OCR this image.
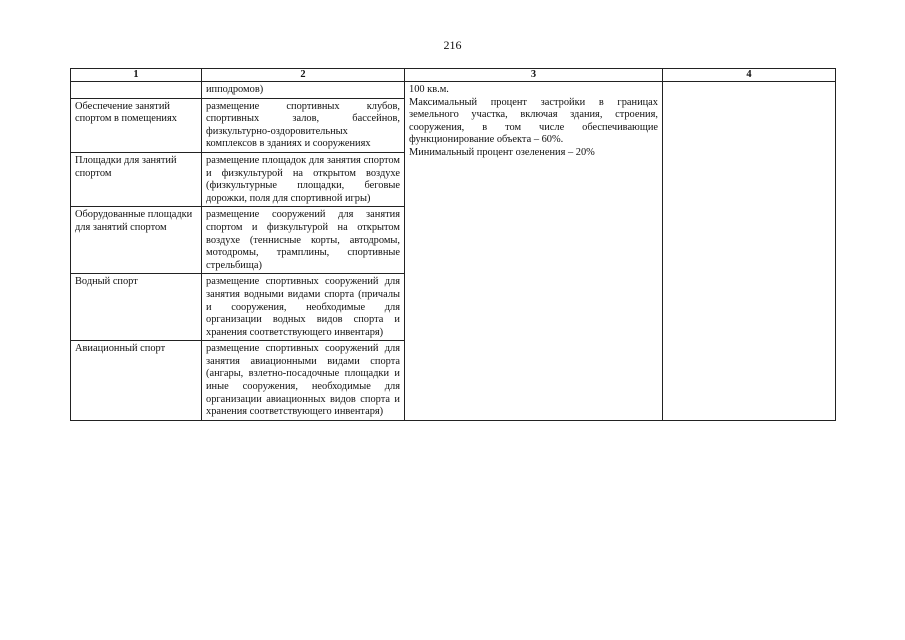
216
1	2	3	4
	ипподромов)	100 кв.м.

Максимальный процент застройки в границах земельного участка, включая здания, строения, сооружения, в том числе обеспечивающие функционирование объекта – 60%.

Минимальный процент озеленения – 20%	

Обеспечение занятий спортом в помещениях	размещение спортивных клубов, спортивных залов, бассейнов, физкультурно-оздоровительных комплексов в зданиях и сооружениях		
Площадки для занятий спортом	размещение площадок для занятия спортом и физкультурой на открытом воздухе (физкультурные площадки, беговые дорожки, поля для спортивной игры)		
Оборудованные площадки для занятий спортом	размещение сооружений для занятия спортом и физкультурой на открытом воздухе (теннисные корты, автодромы, мотодромы, трамплины, спортивные стрельбища)		
Водный спорт	размещение спортивных сооружений для занятия водными видами спорта (причалы и сооружения, необходимые для организации водных видов спорта и хранения соответствующего инвентаря)		
Авиационный спорт	размещение спортивных сооружений для занятия авиационными видами спорта (ангары, взлетно-посадочные площадки и иные сооружения, необходимые для организации авиационных видов спорта и хранения соответствующего инвентаря)		
